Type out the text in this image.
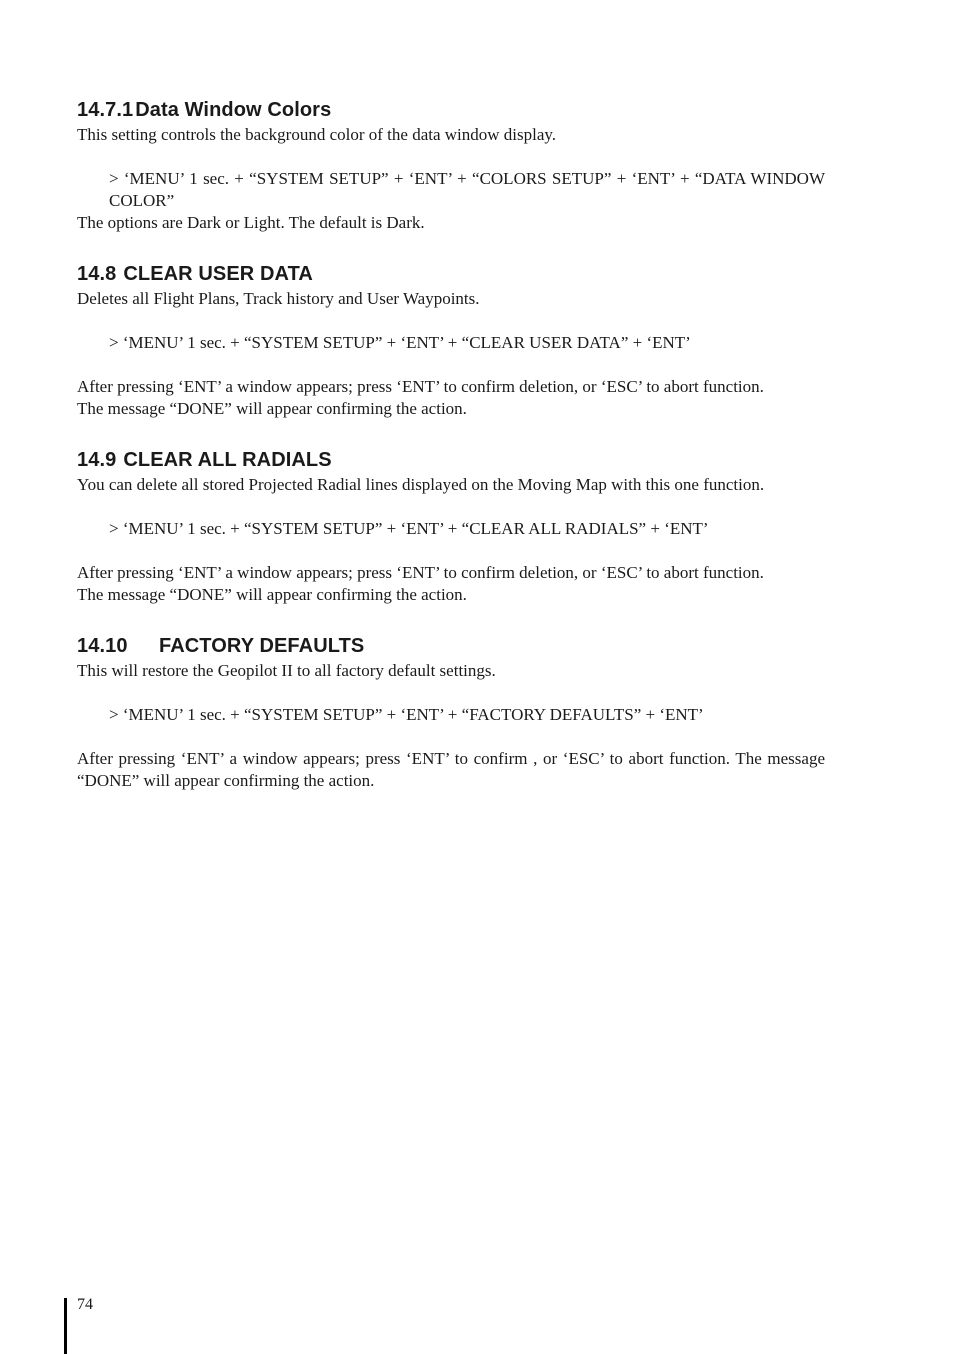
14.7.1 Data Window Colors

This setting controls the background color of the data window display.

> ‘MENU’ 1 sec. + “SYSTEM SETUP” + ‘ENT’ + “COLORS SETUP” + ‘ENT’ + “DATA WINDOW COLOR”

The options are Dark or Light. The default is Dark.

14.8 CLEAR USER DATA

Deletes all Flight Plans, Track history and User Waypoints.

> ‘MENU’ 1 sec. + “SYSTEM SETUP” + ‘ENT’ + “CLEAR USER DATA” + ‘ENT’

After pressing ‘ENT’ a window appears; press ‘ENT’ to confirm deletion, or ‘ESC’ to abort function.

The message “DONE” will appear confirming the action.

14.9 CLEAR ALL RADIALS

You can delete all stored Projected Radial lines displayed on the Moving Map with this one function.

> ‘MENU’ 1 sec. + “SYSTEM SETUP” + ‘ENT’ + “CLEAR ALL RADIALS” + ‘ENT’

After pressing ‘ENT’ a window appears; press ‘ENT’ to confirm deletion, or ‘ESC’ to abort function.

The message “DONE” will appear confirming the action.

14.10 FACTORY DEFAULTS

This will restore the Geopilot II to all factory default settings.

> ‘MENU’ 1 sec. + “SYSTEM SETUP” + ‘ENT’ + “FACTORY DEFAULTS” + ‘ENT’

After pressing ‘ENT’ a window appears; press ‘ENT’ to confirm , or ‘ESC’ to abort function. The message “DONE” will appear confirming the action.

74
